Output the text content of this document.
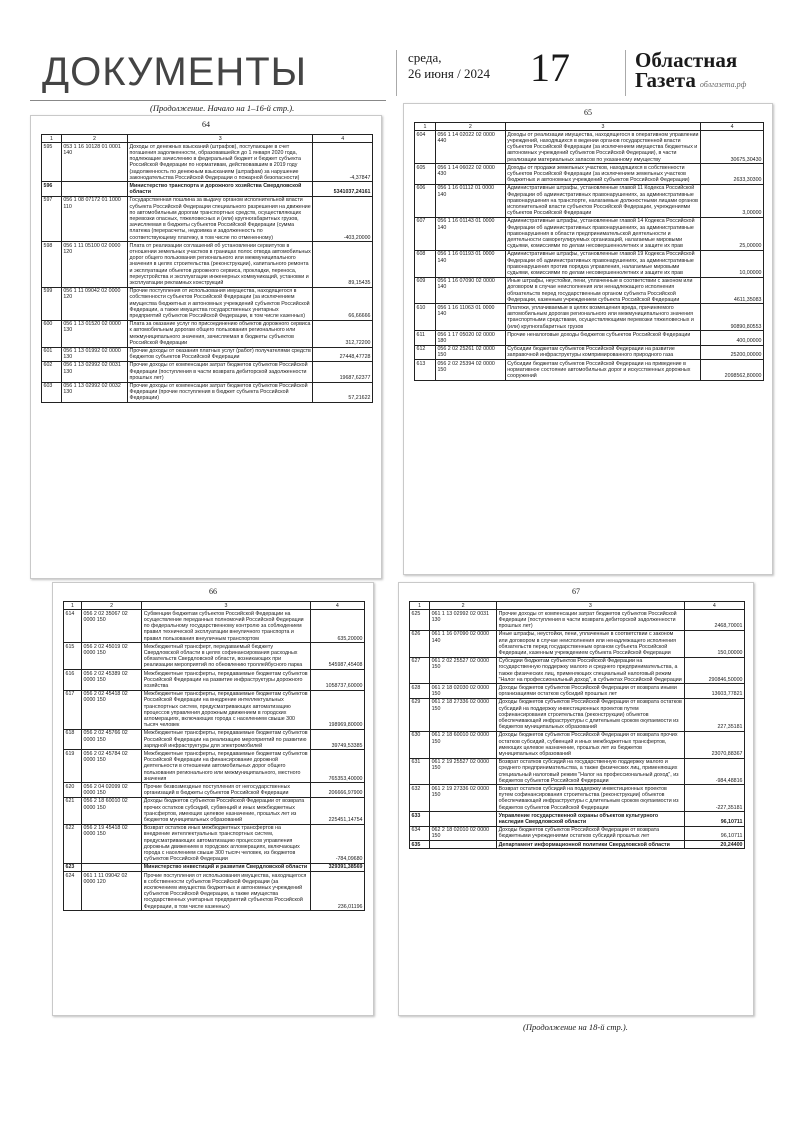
ДОКУМЕНТЫ	среда,
26 июня / 2024 17	Областная
Газета облгазета.рф
(Продолжение. Начало на 1–16-й стр.).
64
1	2	3	4
595	053 1 16 10128 01 0001 140	Доходы от денежных взысканий (штрафов), поступающие в счет погашения задолженности, образовавшейся до 1 января 2020 года, подлежащие зачислению в федеральный бюджет и бюджет субъекта Российской Федерации по нормативам, действовавшим в 2019 году (задолженность по денежным взысканиям (штрафам) за нарушение законодательства Российской Федерации о пожарной безопасности)	-4,37847
596		Министерство транспорта и дорожного хозяйства Свердловской области	5341037,24161
597	056 1 08 07172 01 1000 110	Государственная пошлина за выдачу органом исполнительной власти субъекта Российской Федерации специального разрешения на движение по автомобильным дорогам транспортных средств, осуществляющих перевозки опасных, тяжеловесных и (или) крупногабаритных грузов, зачисляемая в бюджеты субъектов Российской Федерации (сумма платежа (перерасчеты, недоимка и задолженность по соответствующему платежу, в том числе по отмененному)	-403,20000
598	056 1 11 05100 02 0000 120	Плата от реализации соглашений об установлении сервитутов в отношении земельных участков в границах полос отвода автомобильных дорог общего пользования регионального или межмуниципального значения в целях строительства (реконструкции), капитального ремонта и эксплуатации объектов дорожного сервиса, прокладки, переноса, переустройства и эксплуатации инженерных коммуникаций, установки и эксплуатации рекламных конструкций	89,15435
599	056 1 11 09042 02 0000 120	Прочие поступления от использования имущества, находящегося в собственности субъектов Российской Федерации (за исключением имущества бюджетных и автономных учреждений субъектов Российской Федерации, а также имущества государственных унитарных предприятий субъектов Российской Федерации, в том числе казенных)	66,66666
600	056 1 13 01520 02 0000 130	Плата за оказание услуг по присоединению объектов дорожного сервиса к автомобильным дорогам общего пользования регионального или межмуниципального значения, зачисляемая в бюджеты субъектов Российской Федерации	312,72200
601	056 1 13 01992 02 0000 130	Прочие доходы от оказания платных услуг (работ) получателями средств бюджетов субъектов Российской Федерации	27448,47728
602	056 1 13 02992 02 0031 130	Прочие доходы от компенсации затрат бюджетов субъектов Российской Федерации (поступления в части возврата дебиторской задолженности прошлых лет)	19687,62377
603	056 1 13 02992 02 0032 130	Прочие доходы от компенсации затрат бюджетов субъектов Российской Федерации (прочие поступления в бюджет субъекта Российской Федерации)	57,21622
65
1	2	3	4
604	056 1 14 02022 02 0000 440	Доходы от реализации имущества, находящегося в оперативном управлении учреждений, находящихся в ведении органов государственной власти субъектов Российской Федерации (за исключением имущества бюджетных и автономных учреждений субъектов Российской Федерации), в части реализации материальных запасов по указанному имуществу	30675,30430
605	056 1 14 06022 02 0000 430	Доходы от продажи земельных участков, находящихся в собственности субъектов Российской Федерации (за исключением земельных участков бюджетных и автономных учреждений субъектов Российской Федерации)	2633,30300
606	056 1 16 01112 01 0000 140	Административные штрафы, установленные главой 11 Кодекса Российской Федерации об административных правонарушениях, за административные правонарушения на транспорте, налагаемые должностными лицами органов исполнительной власти субъектов Российской Федерации, учреждениями субъектов Российской Федерации	3,00000
607	056 1 16 01143 01 0000 140	Административные штрафы, установленные главой 14 Кодекса Российской Федерации об административных правонарушениях, за административные правонарушения в области предпринимательской деятельности и деятельности саморегулируемых организаций, налагаемые мировыми судьями, комиссиями по делам несовершеннолетних и защите их прав	25,00000
608	056 1 16 01193 01 0000 140	Административные штрафы, установленные главой 19 Кодекса Российской Федерации об административных правонарушениях, за административные правонарушения против порядка управления, налагаемые мировыми судьями, комиссиями по делам несовершеннолетних и защите их прав	10,00000
609	056 1 16 07090 02 0000 140	Иные штрафы, неустойки, пени, уплаченные в соответствии с законом или договором в случае неисполнения или ненадлежащего исполнения обязательств перед государственным органом субъекта Российской Федерации, казенным учреждением субъекта Российской Федерации	4611,35083
610	056 1 16 11063 01 0000 140	Платежи, уплачиваемые в целях возмещения вреда, причиняемого автомобильным дорогам регионального или межмуниципального значения транспортными средствами, осуществляющими перевозки тяжеловесных и (или) крупногабаритных грузов	90890,80553
611	056 1 17 05020 02 0000 180	Прочие неналоговые доходы бюджетов субъектов Российской Федерации	400,00000
612	056 2 02 25261 02 0000 150	Субсидии бюджетам субъектов Российской Федерации на развитие заправочной инфраструктуры компримированного природного газа	25200,00000
613	056 2 02 25394 02 0000 150	Субсидии бюджетам субъектов Российской Федерации на приведение в нормативное состояние автомобильных дорог и искусственных дорожных сооружений	2098562,80000
66
1	2	3	4
614	056 2 02 35067 02 0000 150	Субвенции бюджетам субъектов Российской Федерации на осуществление переданных полномочий Российской Федерации по федеральному государственному контролю за соблюдением правил технической эксплуатации внеуличного транспорта и правил пользования внеуличным транспортом	635,20000
615	056 2 02 45019 02 0000 150	Межбюджетный трансферт, передаваемый бюджету Свердловской области в целях софинансирования расходных обязательств Свердловской области, возникающих при реализации мероприятий по обновлению троллейбусного парка	545987,45408
616	056 2 02 45389 02 0000 150	Межбюджетные трансферты, передаваемые бюджетам субъектов Российской Федерации на развитие инфраструктуры дорожного хозяйства	1058737,60000
617	056 2 02 45418 02 0000 150	Межбюджетные трансферты, передаваемые бюджетам субъектов Российской Федерации на внедрение интеллектуальных транспортных систем, предусматривающих автоматизацию процессов управления дорожным движением в городских агломерациях, включающих города с населением свыше 300 тысяч человек	198969,80000
618	056 2 02 45766 02 0000 150	Межбюджетные трансферты, передаваемые бюджетам субъектов Российской Федерации на реализацию мероприятий по развитию зарядной инфраструктуры для электромобилей	39749,53385
619	056 2 02 45784 02 0000 150	Межбюджетные трансферты, передаваемые бюджетам субъектов Российской Федерации на финансирование дорожной деятельности в отношении автомобильных дорог общего пользования регионального или межмуниципального, местного значения	765353,40000
620	056 2 04 02099 02 0000 150	Прочие безвозмездные поступления от негосударственных организаций в бюджеты субъектов Российской Федерации	206666,97900
621	056 2 18 60010 02 0000 150	Доходы бюджетов субъектов Российской Федерации от возврата прочих остатков субсидий, субвенций и иных межбюджетных трансфертов, имеющих целевое назначение, прошлых лет из бюджетов муниципальных образований	225451,14754
622	056 2 19 45418 02 0000 150	Возврат остатков иных межбюджетных трансфертов на внедрение интеллектуальных транспортных систем, предусматривающих автоматизацию процессов управления дорожным движением в городских агломерациях, включающих города с населением свыше 300 тысяч человек, из бюджетов субъектов Российской Федерации	-784,09680
623		Министерство инвестиций и развития Свердловской области	329391,38569
624	061 1 11 09042 02 0000 120	Прочие поступления от использования имущества, находящегося в собственности субъектов Российской Федерации (за исключением имущества бюджетных и автономных учреждений субъектов Российской Федерации, а также имущества государственных унитарных предприятий субъектов Российской Федерации, в том числе казенных)	236,01196
67
1	2	3	4
625	061 1 13 02992 02 0031 130	Прочие доходы от компенсации затрат бюджетов субъектов Российской Федерации (поступления в части возврата дебиторской задолженности прошлых лет)	2468,70001
626	061 1 16 07090 02 0000 140	Иные штрафы, неустойки, пени, уплаченные в соответствии с законом или договором в случае неисполнения или ненадлежащего исполнения обязательств перед государственным органом субъекта Российской Федерации, казенным учреждением субъекта Российской Федерации	150,00000
627	061 2 02 25527 02 0000 150	Субсидии бюджетам субъектов Российской Федерации на государственную поддержку малого и среднего предпринимательства, а также физических лиц, применяющих специальный налоговый режим "Налог на профессиональный доход", в субъектах Российской Федерации	290846,50000
628	061 2 18 02030 02 0000 150	Доходы бюджетов субъектов Российской Федерации от возврата иными организациями остатков субсидий прошлых лет	13603,77821
629	061 2 18 27336 02 0000 150	Доходы бюджетов субъектов Российской Федерации от возврата остатков субсидий на поддержку инвестиционных проектов путем софинансирования строительства (реконструкции) объектов обеспечивающей инфраструктуры с длительным сроком окупаемости из бюджетов муниципальных образований	227,35181
630	061 2 18 60010 02 0000 150	Доходы бюджетов субъектов Российской Федерации от возврата прочих остатков субсидий, субвенций и иных межбюджетных трансфертов, имеющих целевое назначение, прошлых лет из бюджетов муниципальных образований	23070,88367
631	061 2 19 25527 02 0000 150	Возврат остатков субсидий на государственную поддержку малого и среднего предпринимательства, а также физических лиц, применяющих специальный налоговый режим "Налог на профессиональный доход", из бюджетов субъектов Российской Федерации	-984,48816
632	061 2 19 27336 02 0000 150	Возврат остатков субсидий на поддержку инвестиционных проектов путем софинансирования строительства (реконструкции) объектов обеспечивающей инфраструктуры с длительным сроком окупаемости из бюджетов субъектов Российской Федерации	-227,35181
633		Управление государственной охраны объектов культурного наследия Свердловской области	96,10711
634	062 2 18 02010 02 0000 150	Доходы бюджетов субъектов Российской Федерации от возврата бюджетными учреждениями остатков субсидий прошлых лет	96,10711
635		Департамент информационной политики Свердловской области	20,24400
(Продолжение на 18-й стр.).
